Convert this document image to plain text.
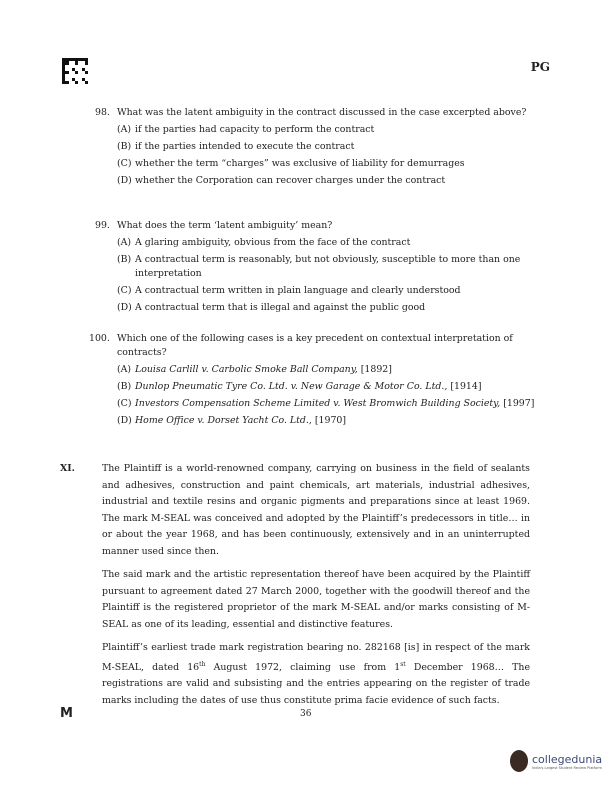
PG
98. What was the latent ambiguity in the contract discussed in the case excerpted above?
(A) if the parties had capacity to perform the contract
(B) if the parties intended to execute the contract
(C) whether the term “charges” was exclusive of liability for demurrages
(D) whether the Corporation can recover charges under the contract
99. What does the term ‘latent ambiguity’ mean?
(A) A glaring ambiguity, obvious from the face of the contract
(B) A contractual term is reasonably, but not obviously, susceptible to more than one interpretation
(C) A contractual term written in plain language and clearly understood
(D) A contractual term that is illegal and against the public good
100. Which one of the following cases is a key precedent on contextual interpretation of contracts?
(A) Louisa Carlill v. Carbolic Smoke Ball Company, [1892]
(B) Dunlop Pneumatic Tyre Co. Ltd. v. New Garage & Motor Co. Ltd., [1914]
(C) Investors Compensation Scheme Limited v. West Bromwich Building Society, [1997]
(D) Home Office v. Dorset Yacht Co. Ltd., [1970]
XI.	The Plaintiff is a world-renowned company, carrying on business in the field of sealants and adhesives, construction and paint chemicals, art materials, industrial adhesives, industrial and textile resins and organic pigments and preparations since at least 1969. The mark M-SEAL was conceived and adopted by the Plaintiff’s predecessors in title… in or about the year 1968, and has been continuously, extensively and in an uninterrupted manner used since then.

The said mark and the artistic representation thereof have been acquired by the Plaintiff pursuant to agreement dated 27 March 2000, together with the goodwill thereof and the Plaintiff is the registered proprietor of the mark M-SEAL and/or marks consisting of M-SEAL as one of its leading, essential and distinctive features.

Plaintiff’s earliest trade mark registration bearing no. 282168 [is] in respect of the mark M-SEAL, dated 16th August 1972, claiming use from 1st December 1968… The registrations are valid and subsisting and the entries appearing on the register of trade marks including the dates of use thus constitute prima facie evidence of such facts.

M	36
collegedunia
India's Largest Student Review Platform
